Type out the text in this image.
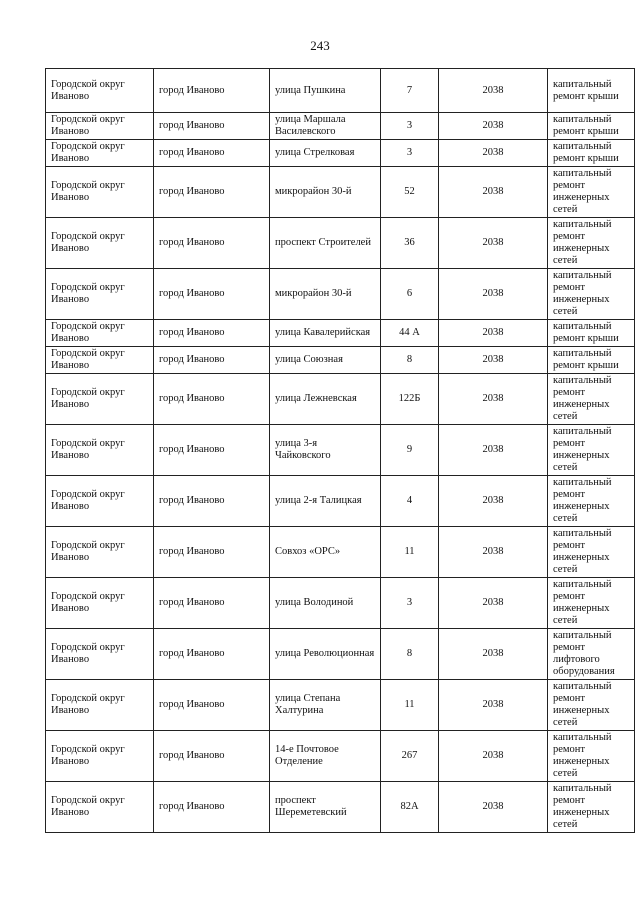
243
Городской округ Иваново	город Иваново	улица Пушкина	7	2038	капитальный ремонт крыши
Городской округ Иваново	город Иваново	улица Маршала Василевского	3	2038	капитальный ремонт крыши
Городской округ Иваново	город Иваново	улица Стрелковая	3	2038	капитальный ремонт крыши
Городской округ Иваново	город Иваново	микрорайон 30-й	52	2038	капитальный ремонт инженерных сетей
Городской округ Иваново	город Иваново	проспект Строителей	36	2038	капитальный ремонт инженерных сетей
Городской округ Иваново	город Иваново	микрорайон 30-й	6	2038	капитальный ремонт инженерных сетей
Городской округ Иваново	город Иваново	улица Кавалерийская	44 А	2038	капитальный ремонт крыши
Городской округ Иваново	город Иваново	улица Союзная	8	2038	капитальный ремонт крыши
Городской округ Иваново	город Иваново	улица Лежневская	122Б	2038	капитальный ремонт инженерных сетей
Городской округ Иваново	город Иваново	улица 3-я Чайковского	9	2038	капитальный ремонт инженерных сетей
Городской округ Иваново	город Иваново	улица 2-я Талицкая	4	2038	капитальный ремонт инженерных сетей
Городской округ Иваново	город Иваново	Совхоз «ОРС»	11	2038	капитальный ремонт инженерных сетей
Городской округ Иваново	город Иваново	улица Володиной	3	2038	капитальный ремонт инженерных сетей
Городской округ Иваново	город Иваново	улица Революционная	8	2038	капитальный ремонт лифтового оборудования
Городской округ Иваново	город Иваново	улица Степана Халтурина	11	2038	капитальный ремонт инженерных сетей
Городской округ Иваново	город Иваново	14-е Почтовое Отделение	267	2038	капитальный ремонт инженерных сетей
Городской округ Иваново	город Иваново	проспект Шереметевский	82А	2038	капитальный ремонт инженерных сетей
